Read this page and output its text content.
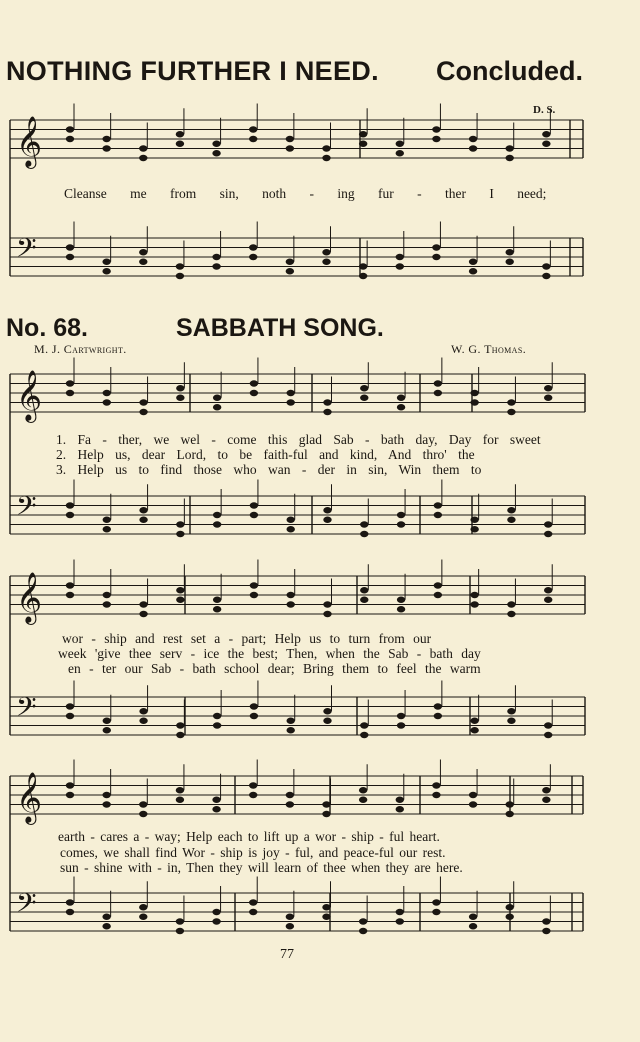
𝄞
𝄢
𝄞
𝄢
𝄞
𝄢
𝄞
𝄢
NOTHING FURTHER I NEED. Concluded.
D. S.
Cleanse me from sin, noth - ing fur - ther I need;
No. 68.	SABBATH SONG.
M. J. Cartwright.	W. G. Thomas.
1. Fa - ther, we wel - come this glad Sab - bath day, Day for sweet
2. Help us, dear Lord, to be faith-ful and kind, And thro' the
3. Help us to find those who wan - der in sin, Win them to
wor - ship and rest set a - part; Help us to turn from our
week 'give thee serv - ice the best; Then, when the Sab - bath day
en - ter our Sab - bath school dear; Bring them to feel the warm
earth - cares a - way; Help each to lift up a wor - ship - ful heart.
comes, we shall find Wor - ship is joy - ful, and peace-ful our rest.
sun - shine with - in, Then they will learn of thee when they are here.
77
